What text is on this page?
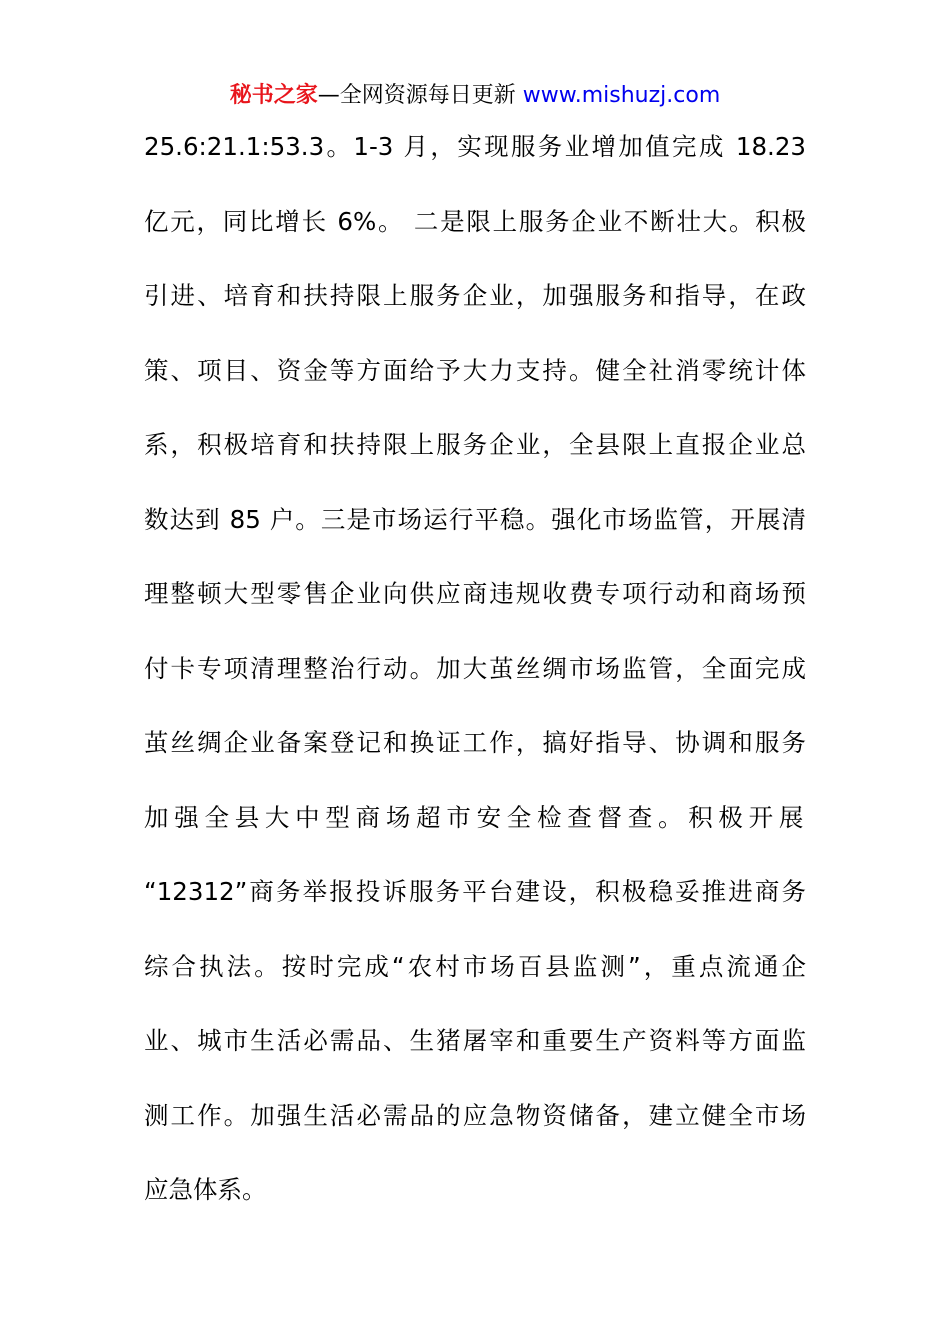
秘书之家—全网资源每日更新 www.mishuzj.com
25.6:21.1:53.3。1-3 月，实现服务业增加值完成 18.23
亿元，同比增长 6%。 二是限上服务企业不断壮大。积极
引进、培育和扶持限上服务企业，加强服务和指导，在政
策、项目、资金等方面给予大力支持。健全社消零统计体
系，积极培育和扶持限上服务企业，全县限上直报企业总
数达到 85 户。三是市场运行平稳。强化市场监管，开展清
理整顿大型零售企业向供应商违规收费专项行动和商场预
付卡专项清理整治行动。加大茧丝绸市场监管，全面完成
茧丝绸企业备案登记和换证工作，搞好指导、协调和服务
加强全县大中型商场超市安全检查督查。积极开展
“12312”商务举报投诉服务平台建设，积极稳妥推进商务
综合执法。按时完成“农村市场百县监测”，重点流通企
业、城市生活必需品、生猪屠宰和重要生产资料等方面监
测工作。加强生活必需品的应急物资储备，建立健全市场
应急体系。
